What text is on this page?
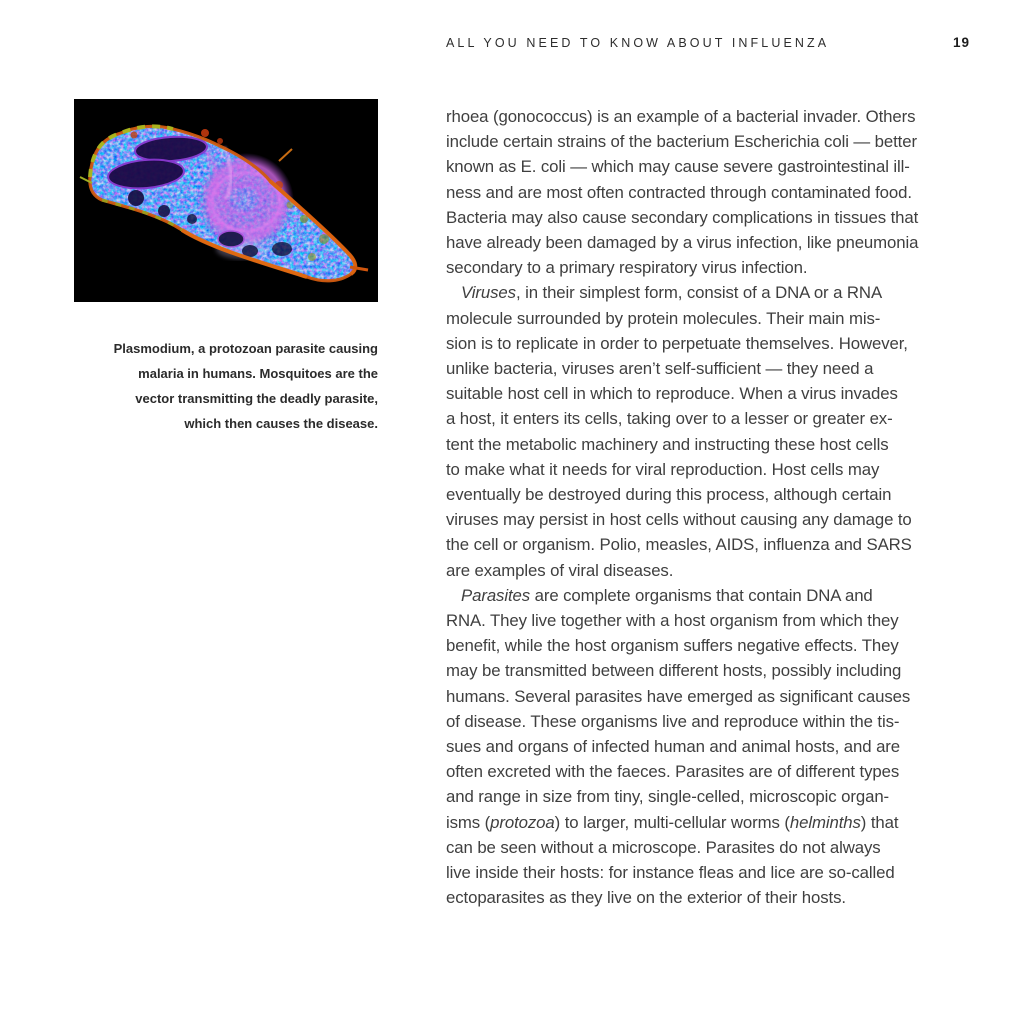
ALL YOU NEED TO KNOW ABOUT INFLUENZA	19
Plasmodium, a protozoan parasite causing
malaria in humans. Mosquitoes are the
vector transmitting the deadly parasite,
which then causes the disease.
rhoea (gonococcus) is an example of a bacterial invader. Others
include certain strains of the bacterium Escherichia coli — better
known as E. coli — which may cause severe gastrointestinal ill-
ness and are most often contracted through contaminated food.
Bacteria may also cause secondary complications in tissues that
have already been damaged by a virus infection, like pneumonia
secondary to a primary respiratory virus infection.
Viruses, in their simplest form, consist of a DNA or a RNA
molecule surrounded by protein molecules. Their main mis-
sion is to replicate in order to perpetuate themselves. However,
unlike bacteria, viruses aren’t self-sufficient — they need a
suitable host cell in which to reproduce. When a virus invades
a host, it enters its cells, taking over to a lesser or greater ex-
tent the metabolic machinery and instructing these host cells
to make what it needs for viral reproduction. Host cells may
eventually be destroyed during this process, although certain
viruses may persist in host cells without causing any damage to
the cell or organism. Polio, measles, AIDS, influenza and SARS
are examples of viral diseases.
Parasites are complete organisms that contain DNA and
RNA. They live together with a host organism from which they
benefit, while the host organism suffers negative effects. They
may be transmitted between different hosts, possibly including
humans. Several parasites have emerged as significant causes
of disease. These organisms live and reproduce within the tis-
sues and organs of infected human and animal hosts, and are
often excreted with the faeces. Parasites are of different types
and range in size from tiny, single-celled, microscopic organ-
isms (protozoa) to larger, multi-cellular worms (helminths) that
can be seen without a microscope. Parasites do not always
live inside their hosts: for instance fleas and lice are so-called
ectoparasites as they live on the exterior of their hosts.
